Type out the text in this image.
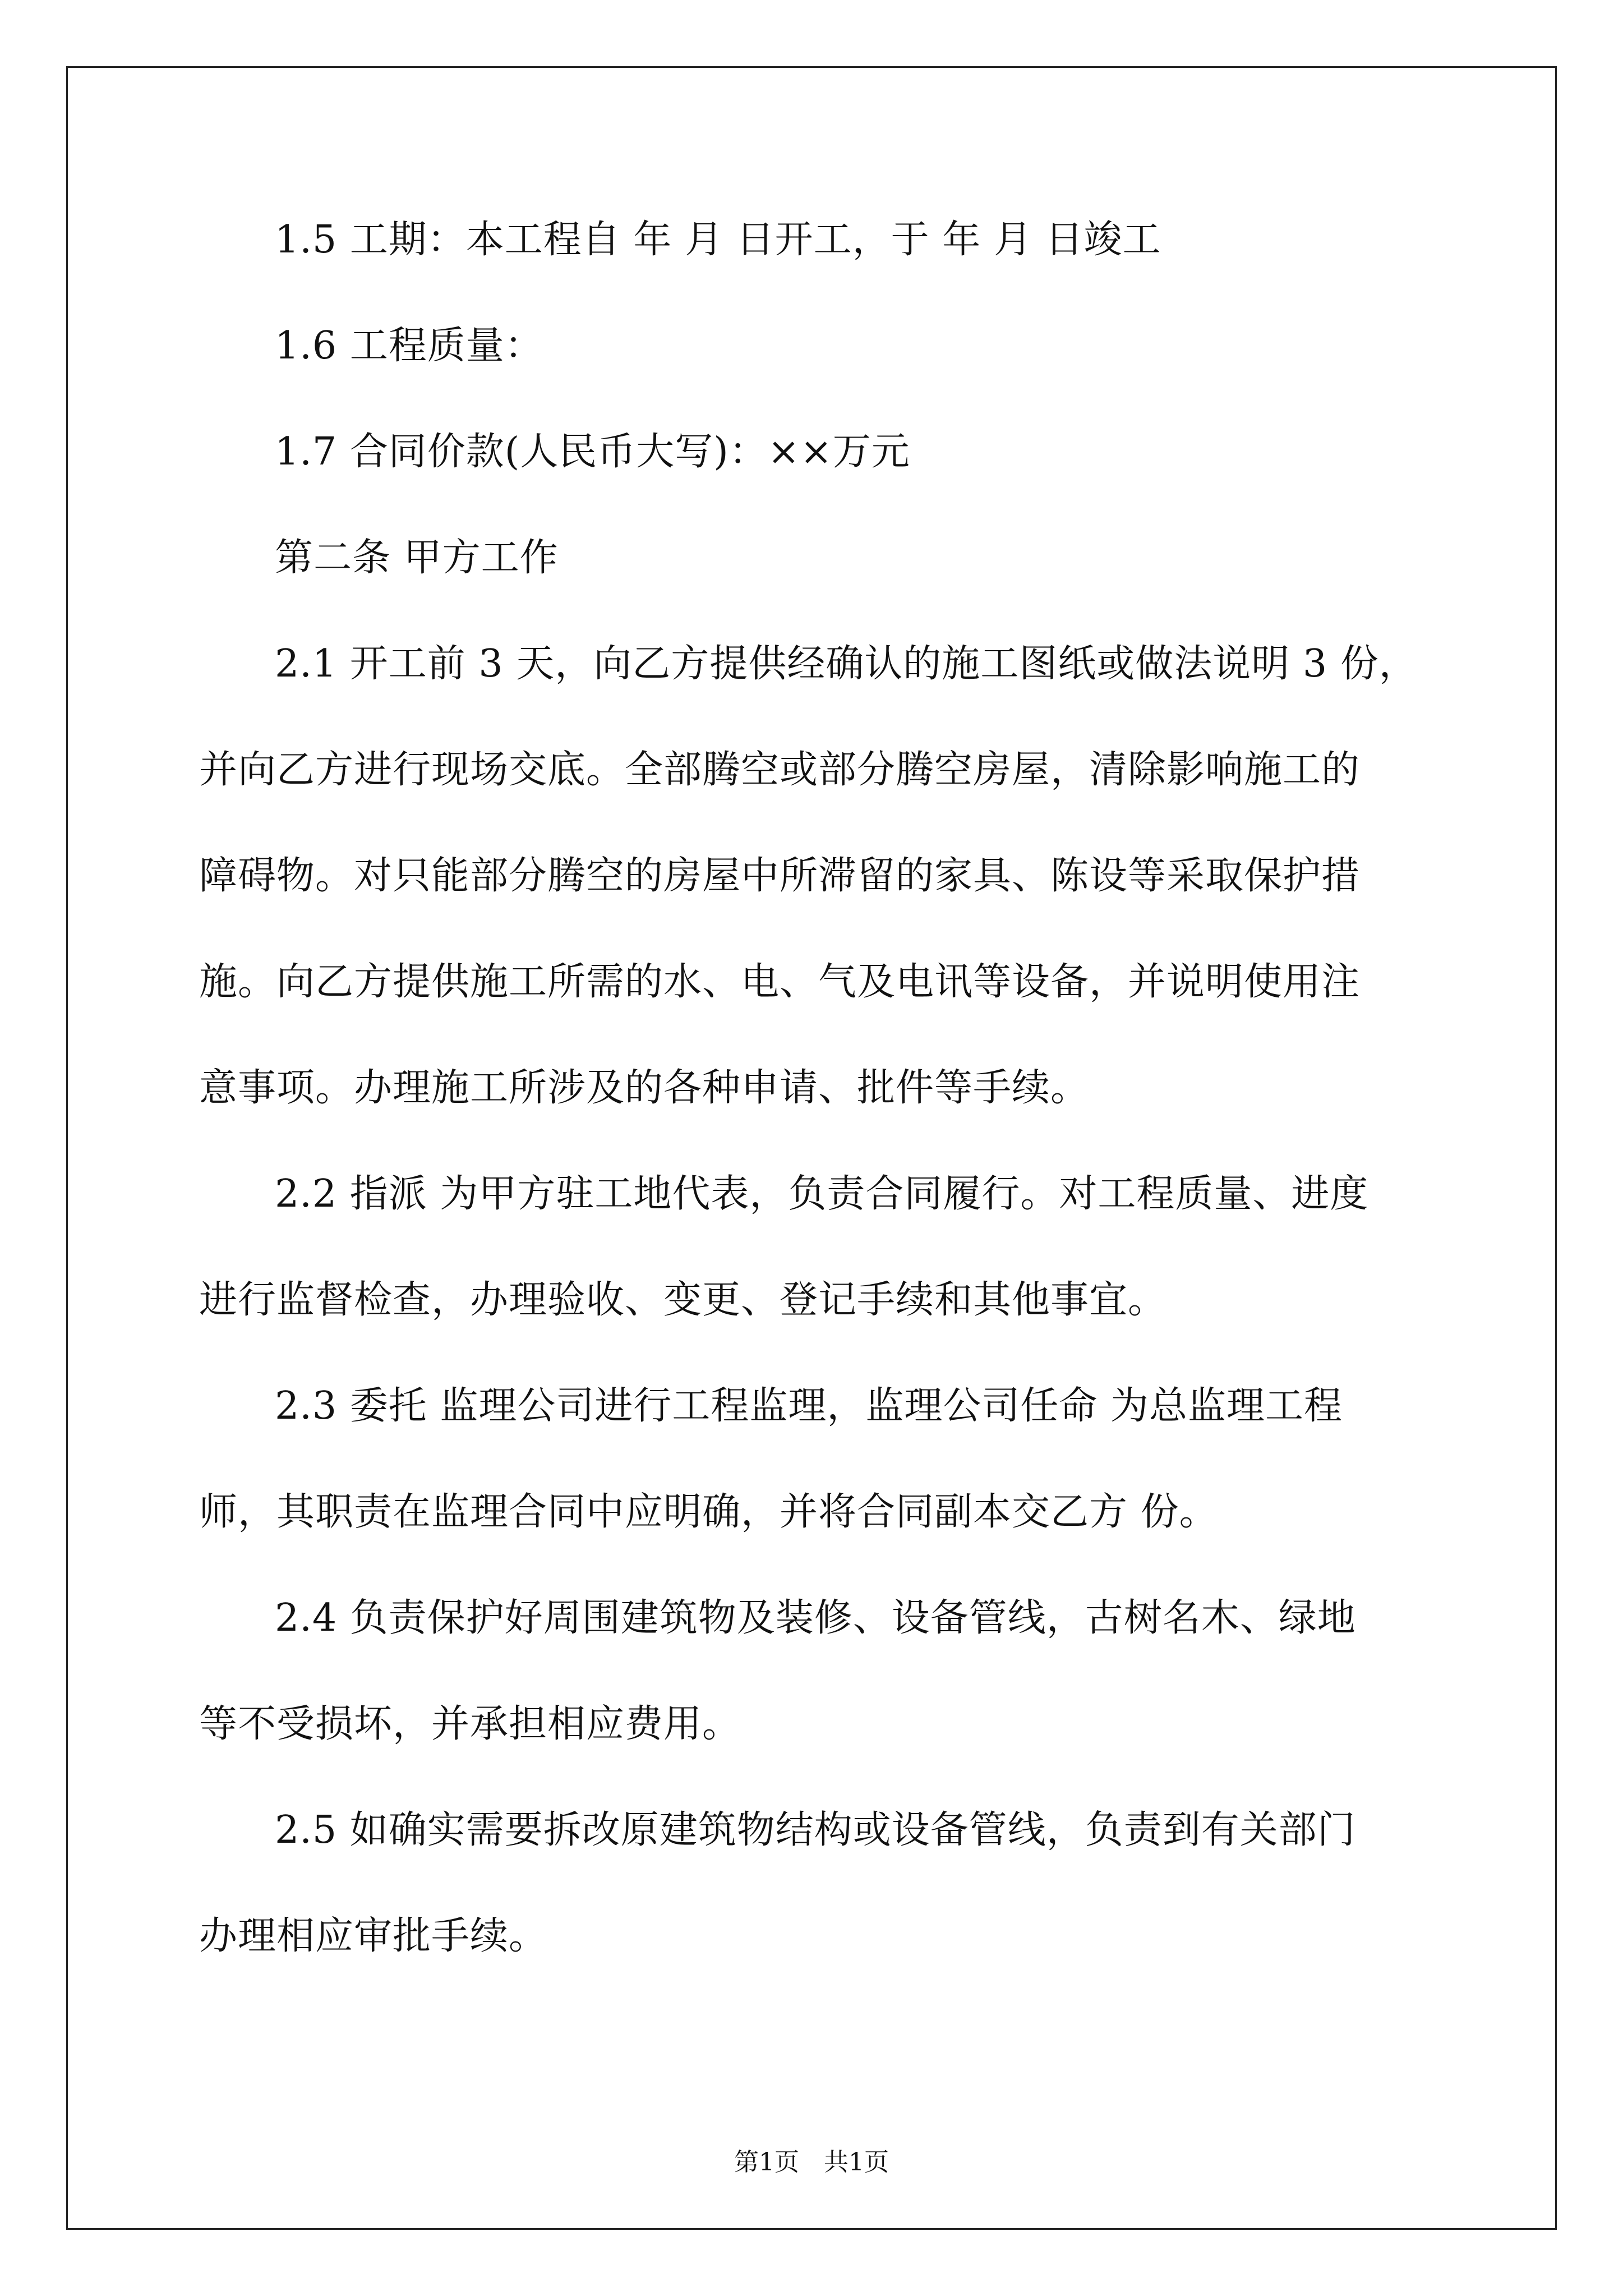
1.5 工期：本工程自 年 月 日开工，于 年 月 日竣工
1.6 工程质量：
1.7 合同价款(人民币大写)：××万元
第二条 甲方工作
2.1 开工前 3 天，向乙方提供经确认的施工图纸或做法说明 3 份，
并向乙方进行现场交底。全部腾空或部分腾空房屋，清除影响施工的
障碍物。对只能部分腾空的房屋中所滞留的家具、陈设等采取保护措
施。向乙方提供施工所需的水、电、气及电讯等设备，并说明使用注
意事项。办理施工所涉及的各种申请、批件等手续。
2.2 指派 为甲方驻工地代表，负责合同履行。对工程质量、进度
进行监督检查，办理验收、变更、登记手续和其他事宜。
2.3 委托 监理公司进行工程监理，监理公司任命 为总监理工程
师，其职责在监理合同中应明确，并将合同副本交乙方 份。
2.4 负责保护好周围建筑物及装修、设备管线，古树名木、绿地
等不受损坏，并承担相应费用。
2.5 如确实需要拆改原建筑物结构或设备管线，负责到有关部门
办理相应审批手续。
第1页　共1页
